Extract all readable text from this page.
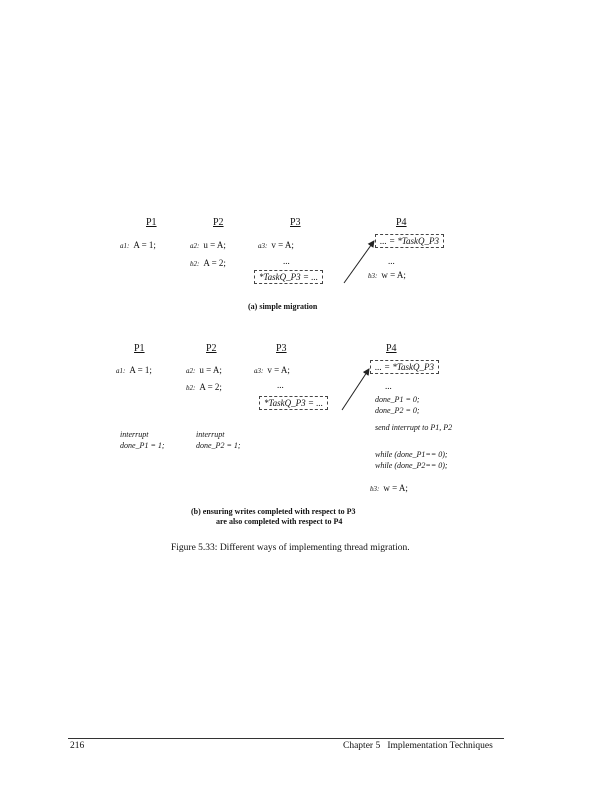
P1	P2	P3	P4
a1: A = 1;	a2: u = A;
b2: A = 2;
a3: v = A;
...
*TaskQ_P3 = ...
... = *TaskQ_P3
...
b3: w = A;
(a) simple migration
P1	P2	P3	P4
a1: A = 1;
interrupt
done_P1 = 1;
a2: u = A;
b2: A = 2;
interrupt
done_P2 = 1;
a3: v = A;
...
*TaskQ_P3 = ...
... = *TaskQ_P3
...
done_P1 = 0;
done_P2 = 0;
send interrupt to P1, P2
while (done_P1== 0);
while (done_P2== 0);
b3: w = A;
(b) ensuring writes completed with respect to P3
are also completed with respect to P4
Figure 5.33: Different ways of implementing thread migration.
216	Chapter 5   Implementation Techniques
